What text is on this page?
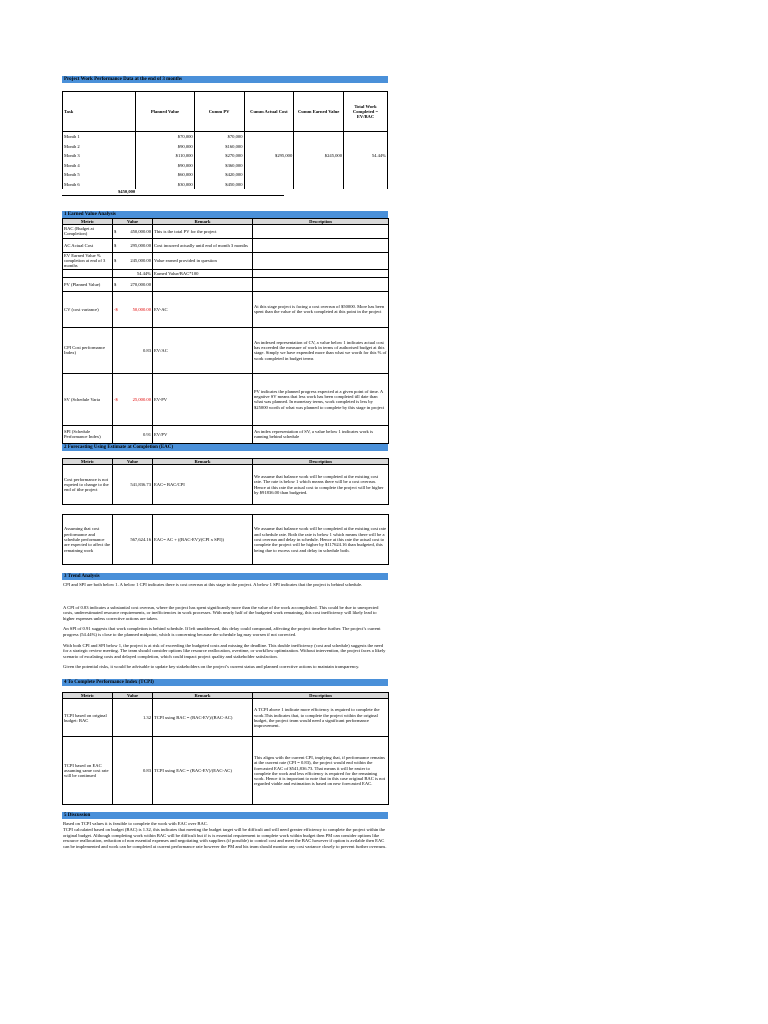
Project Work Performance Data at the end of 3 months
Task	Planned Value	Cumm PV	Cumm Actual Cost	Cumm Earned Value	Total Work Completed = EV/BAC
Month 1	$70,000	$70,000			
Month 2	$90,000	$160,000			
Month 3	$110,000	$270,000	$295,000	$245,000	54.44%
Month 4	$90,000	$360,000			
Month 5	$60,000	$420,000			
Month 6	$30,000	$450,000			
$450,000
1 Earned Value Analysis
Metric	Value	Remark	Description
BAC (Budget at Completion)	$ 450,000.00	This is the total PV for the project	
AC Actual Cost	$ 295,000.00	Cost incurred actually until end of month 3 months	
EV Earned Value % completion at end of 3 months	$ 245,000.00	Value earned provided in question	

	54.44%	Earned Value/BAC*100	
PV (Planned Value)	$ 270,000.00		

CV (cost variance)	-$ 50,000.00	EV-AC	At this stage project is facing a cost overrun of $50000. More has been spent than the value of the work completed at this point in the project
CPI Cost performance Index)	0.83	EV/AC	An indexed representation of CV, a value below 1 indicates actual cost has exceeded the measure of work in terms of authorised budget at this stage. Simply we have expended more than what we worth for this % of work completed in budget terms
SV (Schedule Varia	-$ 25,000.00	EV-PV	PV indicates the planned progress expected at a given point of time. A negative SV means that less work has been completed till date than what was planned. In monetary terms, work completed is less by $25000 worth of what was planned to complete by this stage in project
SPI (Schedule Performance Index)	0.91	EV/PV	An index representation of SV, a value below 1 indicates work is running behind schedule
2 Forecasting Using Estimate at Completion (EAC)
Metric	Value	Remark	Description
Cost performance is not expeted to change to the end of tthe project	541,836.73	EAC= BAC/CPI	We assume that balance work will be completed at the existing cost rate. The rate is below 1 which means there will be a cost overrun. Hence at this rate the actual cost to complete the project will be higher by $91836.00 than budgeted.
Assuming that cost performance and schedule performance are expected to affect the remaining work	567,624.16	EAC= AC + ((BAC-EV)/(CPI x SPI))	We assume that balance work will be completed at the existing cost rate and schedule rate. Both the rate is below 1 which means there will be a cost overrun and delay in schedule. Hence at this rate the actual cost to complete the project will be higher by $117624.16 than budgeted, this being due to excess cost and delay in schedule both.
3 Trend Analysis

CPI and SPI are both below 1. A below 1 CPI indicates there is cost overrun at this stage in the project. A below 1 SPI indicates that the project is behind schedule.

A CPI of 0.83 indicates a substantial cost overrun, where the project has spent significantly more than the value of the work accomplished. This could be due to unexpected costs, underestimated resource requirements, or inefficiencies in work processes. With nearly half of the budgeted work remaining, this cost inefficiency will likely lead to higher expenses unless corrective actions are taken.

An SPI of 0.91 suggests that work completion is behind schedule. If left unaddressed, this delay could compound, affecting the project timeline further. The project’s current progress (54.44%) is close to the planned midpoint, which is concerning because the schedule lag may worsen if not corrected.

With both CPI and SPI below 1, the project is at risk of exceeding the budgeted costs and missing the deadline. This double inefficiency (cost and schedule) suggests the need for a strategic review meeting. The team should consider options like resource reallocation, overtime, or workflow optimization. Without intervention, the project faces a likely scenario of escalating costs and delayed completion, which could impact project quality and stakeholder satisfaction.

Given the potential risks, it would be advisable to update key stakeholders on the project’s current status and planned corrective actions to maintain transparency.

4 To Complete Performance Index (TCPI)
Metric	Value	Remark	Description
TCPI based on original budget: BAC	1.32	TCPI using BAC = (BAC-EV)/(BAC-AC)	A TCPI above 1 indicate more efficiency is required to complete the work.This indicates that, to complete the project within the original budget, the project team would need a significant performance improvement.
TCPI based on EAC assuming same cost rate will be continued	0.83	TCPI using EAC = (BAC-EV)/(EAC-AC)	This aligns with the current CPI, implying that, if performance remains at the current rate (CPI = 0.83), the project would end within the forecasted EAC of $541,836.73. That means it will be easier to complete the work and less efficiency is required for the remaining work. Hence it is important to note that in this case original BAC is not regarded viable and estimation is based on new forecasted EAC.
5 Discussion

Based on TCPI values it is feasible to complete the work with EAC over BAC.

TCPI calculated based on budget (BAC) is 1.32, this indicates that meeting the budget target will be difficult and will need greater efficiency to complete the project within the original budget. Although completing work within BAC will be difficult but if is is essential requirement to complete work within budget then PM can consider options like resource reallocation, reduction of non essential expenses and negotiating with suppliers (if possible) to control cost and meet the BAC however if option is avilable then EAC can be implemented and work can be completed at current performance rate however the PM and his team should monitor any cost variance closely to prevent further overruns.
